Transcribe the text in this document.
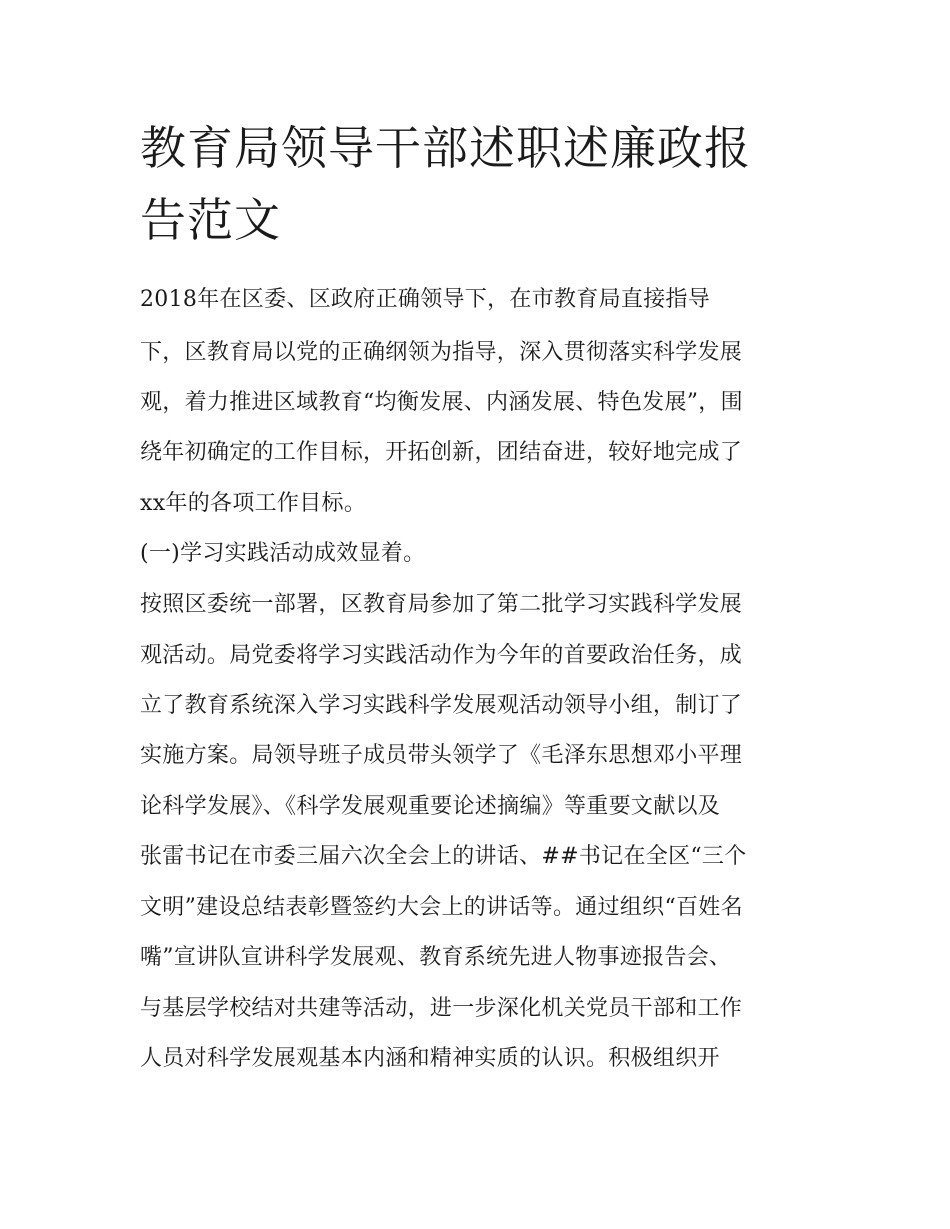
教育局领导干部述职述廉政报
告范文

2018年在区委、区政府正确领导下，在市教育局直接指导

下，区教育局以党的正确纲领为指导，深入贯彻落实科学发展

观，着力推进区域教育“均衡发展、内涵发展、特色发展”，围

绕年初确定的工作目标，开拓创新，团结奋进，较好地完成了

xx年的各项工作目标。

(一)学习实践活动成效显着。

按照区委统一部署，区教育局参加了第二批学习实践科学发展

观活动。局党委将学习实践活动作为今年的首要政治任务，成

立了教育系统深入学习实践科学发展观活动领导小组，制订了

实施方案。局领导班子成员带头领学了《毛泽东思想邓小平理

论科学发展》、《科学发展观重要论述摘编》等重要文献以及

张雷书记在市委三届六次全会上的讲话、##书记在全区“三个

文明”建设总结表彰暨签约大会上的讲话等。通过组织“百姓名

嘴”宣讲队宣讲科学发展观、教育系统先进人物事迹报告会、

与基层学校结对共建等活动，进一步深化机关党员干部和工作

人员对科学发展观基本内涵和精神实质的认识。积极组织开
